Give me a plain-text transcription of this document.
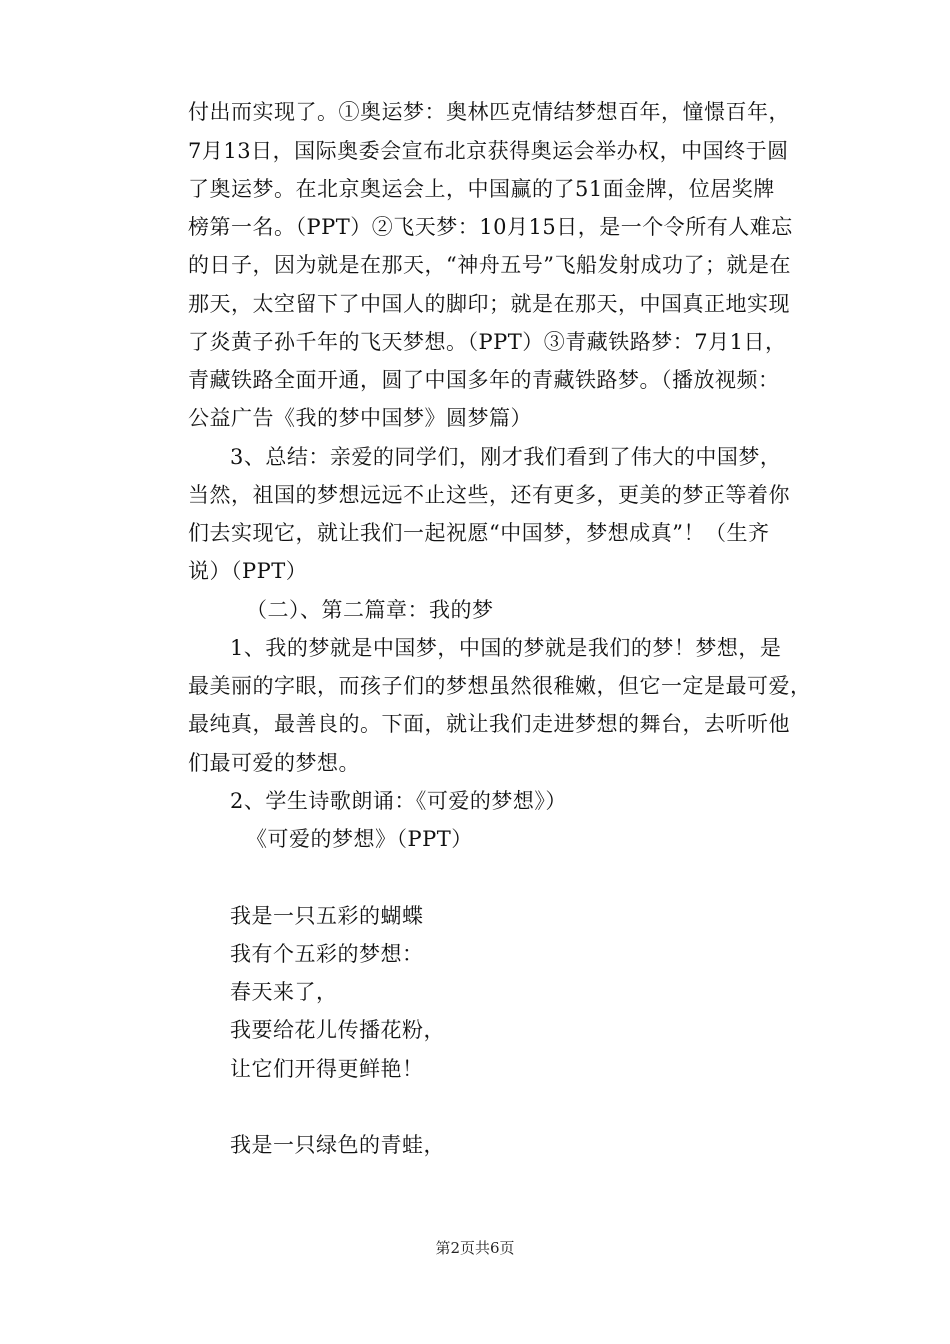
付出而实现了。①奥运梦：奥林匹克情结梦想百年，憧憬百年，
7月13日，国际奥委会宣布北京获得奥运会举办权，中国终于圆
了奥运梦。在北京奥运会上，中国赢的了51面金牌，位居奖牌
榜第一名。（PPT）②飞天梦：10月15日，是一个令所有人难忘
的日子，因为就是在那天，“神舟五号”飞船发射成功了；就是在
那天，太空留下了中国人的脚印；就是在那天，中国真正地实现
了炎黄子孙千年的飞天梦想。（PPT）③青藏铁路梦：7月1日，
青藏铁路全面开通，圆了中国多年的青藏铁路梦。（播放视频：
公益广告《我的梦中国梦》圆梦篇）
3、总结：亲爱的同学们，刚才我们看到了伟大的中国梦，
当然，祖国的梦想远远不止这些，还有更多，更美的梦正等着你
们去实现它，就让我们一起祝愿“中国梦，梦想成真”！（生齐
说）（PPT）
（二）、第二篇章：我的梦
1、我的梦就是中国梦，中国的梦就是我们的梦！梦想，是
最美丽的字眼，而孩子们的梦想虽然很稚嫩，但它一定是最可爱，
最纯真，最善良的。下面，就让我们走进梦想的舞台，去听听他
们最可爱的梦想。
2、学生诗歌朗诵：《可爱的梦想》）
《可爱的梦想》（PPT）
我是一只五彩的蝴蝶
我有个五彩的梦想：
春天来了，
我要给花儿传播花粉，
让它们开得更鲜艳！
我是一只绿色的青蛙，
第2页共6页
